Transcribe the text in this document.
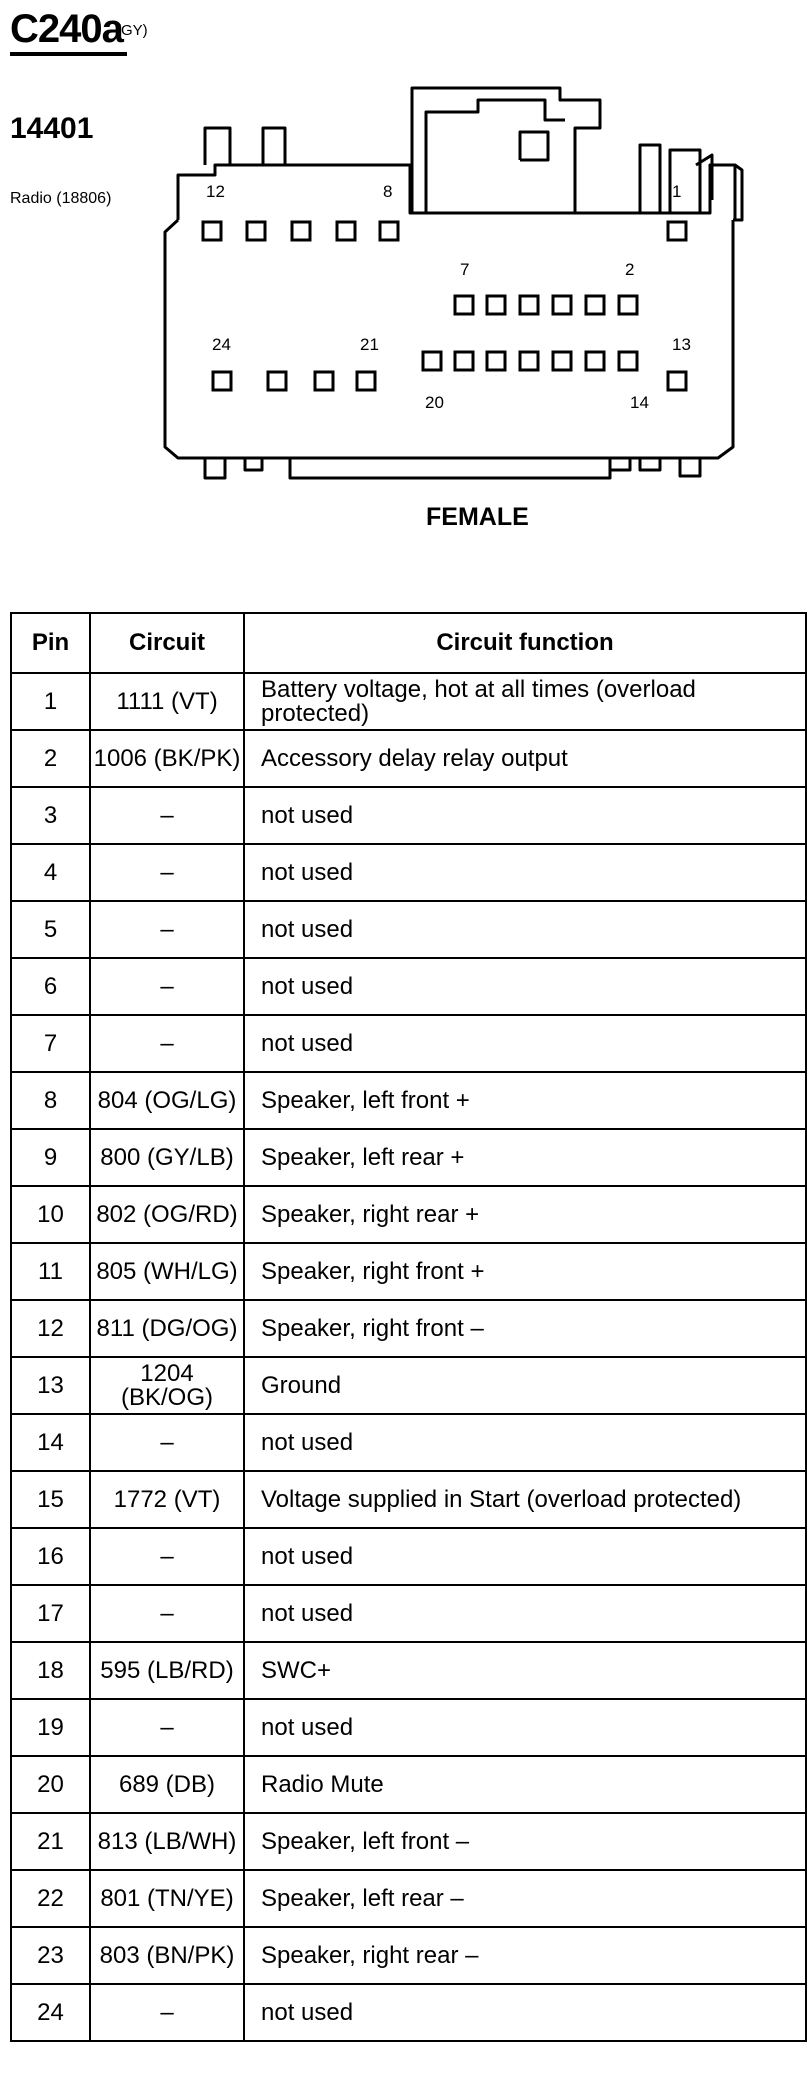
C240a
(GY)
14401
Radio (18806)	12	8	1
7	2
24	21	13
20	14
FEMALE
Pin	Circuit	Circuit function
1	1111 (VT)	Battery voltage, hot at all times (overload protected)
2	1006 (BK/PK)	Accessory delay relay output
3	–	not used
4	–	not used
5	–	not used
6	–	not used
7	–	not used
8	804 (OG/LG)	Speaker, left front +
9	800 (GY/LB)	Speaker, left rear +
10	802 (OG/RD)	Speaker, right rear +
11	805 (WH/LG)	Speaker, right front +
12	811 (DG/OG)	Speaker, right front –
13	1204 (BK/OG)	Ground
14	–	not used
15	1772 (VT)	Voltage supplied in Start (overload protected)
16	–	not used
17	–	not used
18	595 (LB/RD)	SWC+
19	–	not used
20	689 (DB)	Radio Mute
21	813 (LB/WH)	Speaker, left front –
22	801 (TN/YE)	Speaker, left rear –
23	803 (BN/PK)	Speaker, right rear –
24	–	not used
